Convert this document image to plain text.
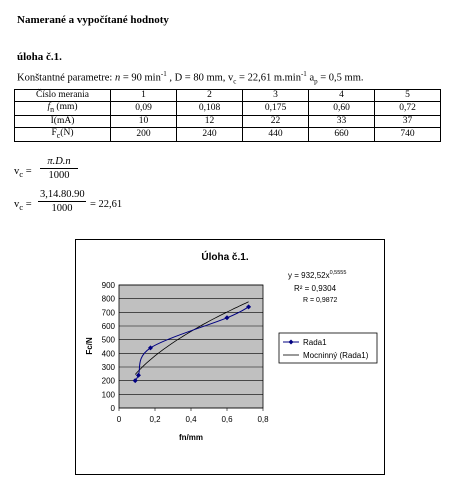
Namerané a vypočítané hodnoty
úloha č.1.
Konštantné parametre: n = 90 $\min^{-1}$ , D = 80 mm, $v_c = 22,61$ $m.\min^{-1}$ $a_p = 0,5$ mm.
Číslo merania	1	2	3	4	5
$f_n$ (mm)	0,09	0,108	0,175	0,60	0,72
I(mA)	10	12	22	33	37
$F_c(N)$	200	240	440	660	740
$v_c = \frac{\pi.D.n}{1000}$
$v_c = \frac{3,14.80.90}{1000} = 22,61$
Úloha č.1.
0
100
200
300
400
500
600
700
800
900
0	0,2	0,4	0,6	0,8
Fc/N
fn/mm
$y = 932,52x^{0,5555}$
R² = 0,9304
R = 0,9872
Rada1
Mocninný (Rada1)
